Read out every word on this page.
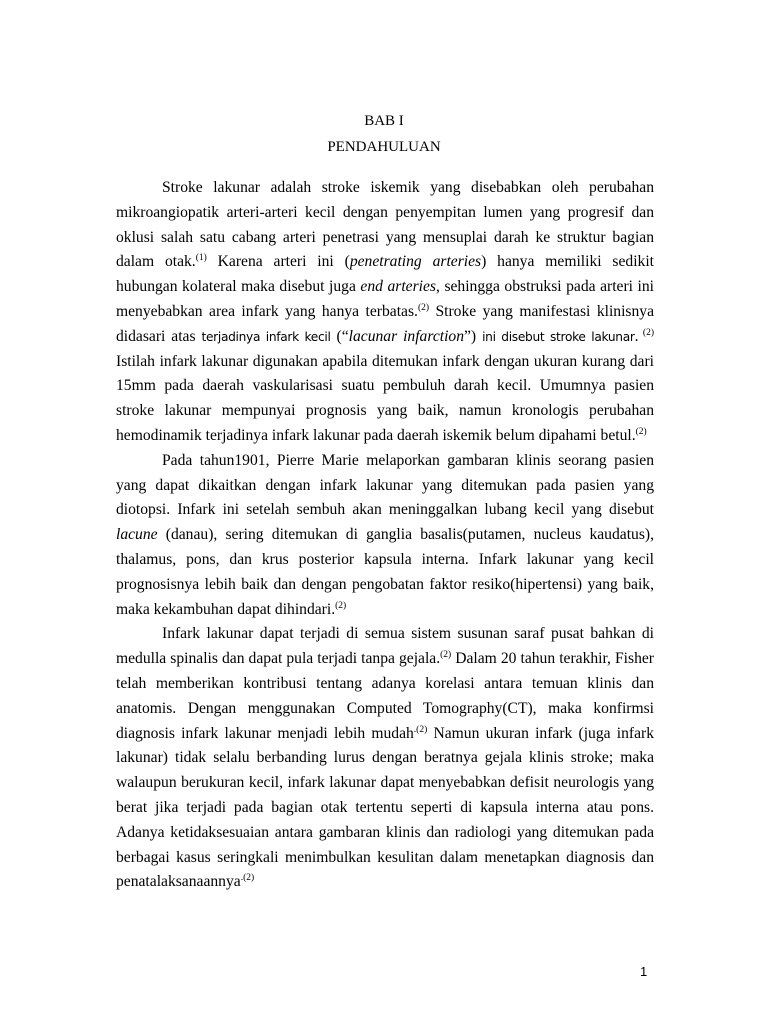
BAB I
PENDAHULUAN

Stroke lakunar adalah stroke iskemik yang disebabkan oleh perubahan mikroangiopatik arteri-arteri kecil dengan penyempitan lumen yang progresif dan oklusi salah satu cabang arteri penetrasi yang mensuplai darah ke struktur bagian dalam otak.$^{(1)}$ Karena arteri ini (penetrating arteries) hanya memiliki sedikit hubungan kolateral maka disebut juga end arteries, sehingga obstruksi pada arteri ini menyebabkan area infark yang hanya terbatas.$^{(2)}$ Stroke yang manifestasi klinisnya didasari atas terjadinya infark kecil (“lacunar infarction”) ini disebut stroke lakunar. $^{(2)}$ Istilah infark lakunar digunakan apabila ditemukan infark dengan ukuran kurang dari 15mm pada daerah vaskularisasi suatu pembuluh darah kecil. Umumnya pasien stroke lakunar mempunyai prognosis yang baik, namun kronologis perubahan hemodinamik terjadinya infark lakunar pada daerah iskemik belum dipahami betul.$^{(2)}$

Pada tahun1901, Pierre Marie melaporkan gambaran klinis seorang pasien yang dapat dikaitkan dengan infark lakunar yang ditemukan pada pasien yang diotopsi. Infark ini setelah sembuh akan meninggalkan lubang kecil yang disebut lacune (danau), sering ditemukan di ganglia basalis(putamen, nucleus kaudatus), thalamus, pons, dan krus posterior kapsula interna. Infark lakunar yang kecil prognosisnya lebih baik dan dengan pengobatan faktor resiko(hipertensi) yang baik, maka kekambuhan dapat dihindari.$^{(2)}$

Infark lakunar dapat terjadi di semua sistem susunan saraf pusat bahkan di medulla spinalis dan dapat pula terjadi tanpa gejala.$^{(2)}$ Dalam 20 tahun terakhir, Fisher telah memberikan kontribusi tentang adanya korelasi antara temuan klinis dan anatomis. Dengan menggunakan Computed Tomography(CT), maka konfirmsi diagnosis infark lakunar menjadi lebih mudah$^{.(2)}$ Namun ukuran infark (juga infark lakunar) tidak selalu berbanding lurus dengan beratnya gejala klinis stroke; maka walaupun berukuran kecil, infark lakunar dapat menyebabkan defisit neurologis yang berat jika terjadi pada bagian otak tertentu seperti di kapsula interna atau pons. Adanya ketidaksesuaian antara gambaran klinis dan radiologi yang ditemukan pada berbagai kasus seringkali menimbulkan kesulitan dalam menetapkan diagnosis dan penatalaksanaannya$^{.(2)}$

1
